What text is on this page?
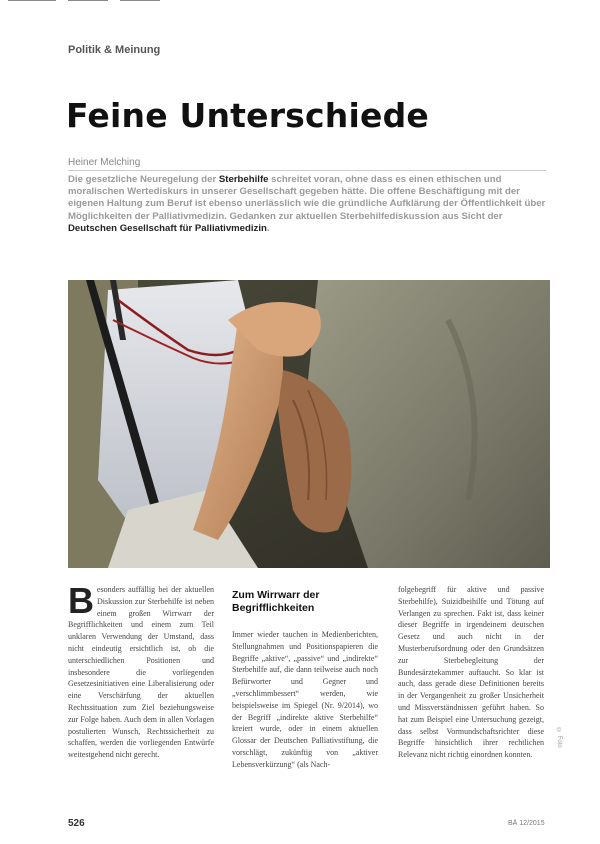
Politik & Meinung
Feine Unterschiede
Heiner Melching
Die gesetzliche Neuregelung der Sterbehilfe schreitet voran, ohne dass es einen ethischen und moralischen Wertediskurs in unserer Gesellschaft gegeben hätte. Die offene Beschäftigung mit der eigenen Haltung zum Beruf ist ebenso unerlässlich wie die gründliche Aufklärung der Öffentlichkeit über Möglichkeiten der Palliativmedizin. Gedanken zur aktuellen Sterbehilfediskussion aus Sicht der Deutschen Gesellschaft für Palliativmedizin.
Besonders auffällig bei der aktuellen Diskussion zur Sterbehilfe ist neben einem großen Wirrwarr der Begrifflichkeiten und einem zum Teil unklaren Verwendung der Umstand, dass nicht eindeutig ersichtlich ist, ob die unterschiedlichen Positionen und insbesondere die vorliegenden Gesetzesinitiativen eine Liberalisierung oder eine Verschärfung der aktuellen Rechtssituation zum Ziel beziehungsweise zur Folge haben. Auch dem in allen Vorlagen postulierten Wunsch, Rechtssicherheit zu schaffen, werden die vorliegenden Entwürfe weitestgehend nicht gerecht.
Zum Wirrwarr der Begrifflichkeiten
Immer wieder tauchen in Medienberichten, Stellungnahmen und Positionspapieren die Begriffe „aktive“, „passive“ und „indirekte“ Sterbehilfe auf, die dann teilweise auch noch Befürworter und Gegner und „verschlimmbessert“ werden, wie beispielsweise im Spiegel (Nr. 9/2014), wo der Begriff „indirekte aktive Sterbehilfe“ kreiert wurde, oder in einem aktuellen Glossar der Deutschen Palliativstiftung, die vorschlägt, zukünftig von „aktiver Lebensverkürzung“ (als Nach-
folgebegriff für aktive und passive Sterbehilfe), Suizidbeihilfe und Tötung auf Verlangen zu sprechen. Fakt ist, dass keiner dieser Begriffe in irgendeinem deutschen Gesetz und auch nicht in der Musterberufsordnung oder den Grundsätzen zur Sterbebegleitung der Bundesärztekammer auftaucht. So klar ist auch, dass gerade diese Definitionen bereits in der Vergangenheit zu großer Unsicherheit und Missverständnissen geführt haben. So hat zum Beispiel eine Untersuchung gezeigt, dass selbst Vormundschaftsrichter diese Begriffe hinsichtlich ihrer rechtlichen Relevanz nicht richtig einordnen konnten.
© Foto
526	BÄ 12/2015
